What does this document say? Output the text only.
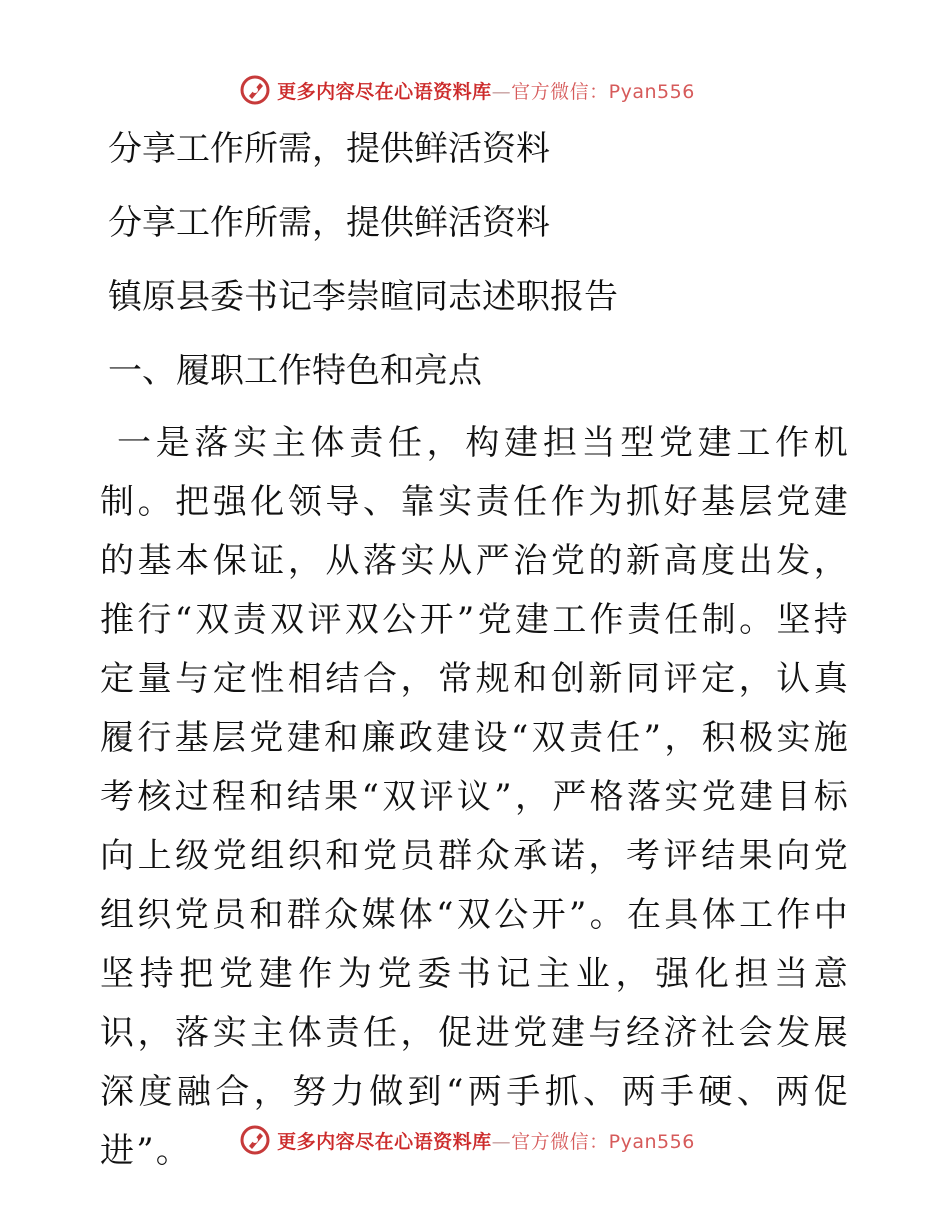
更多内容尽在心语资料库—官方微信：Pyan556

分享工作所需，提供鲜活资料

分享工作所需，提供鲜活资料

镇原县委书记李崇暄同志述职报告

一、履职工作特色和亮点

一是落实主体责任，构建担当型党建工作机制。把强化领导、靠实责任作为抓好基层党建的基本保证，从落实从严治党的新高度出发，推行“双责双评双公开”党建工作责任制。坚持定量与定性相结合，常规和创新同评定，认真履行基层党建和廉政建设“双责任”，积极实施考核过程和结果“双评议”，严格落实党建目标向上级党组织和党员群众承诺，考评结果向党组织党员和群众媒体“双公开”。在具体工作中坚持把党建作为党委书记主业，强化担当意识，落实主体责任，促进党建与经济社会发展深度融合，努力做到“两手抓、两手硬、两促进”。	更多内容尽在心语资料库—官方微信：Pyan556
